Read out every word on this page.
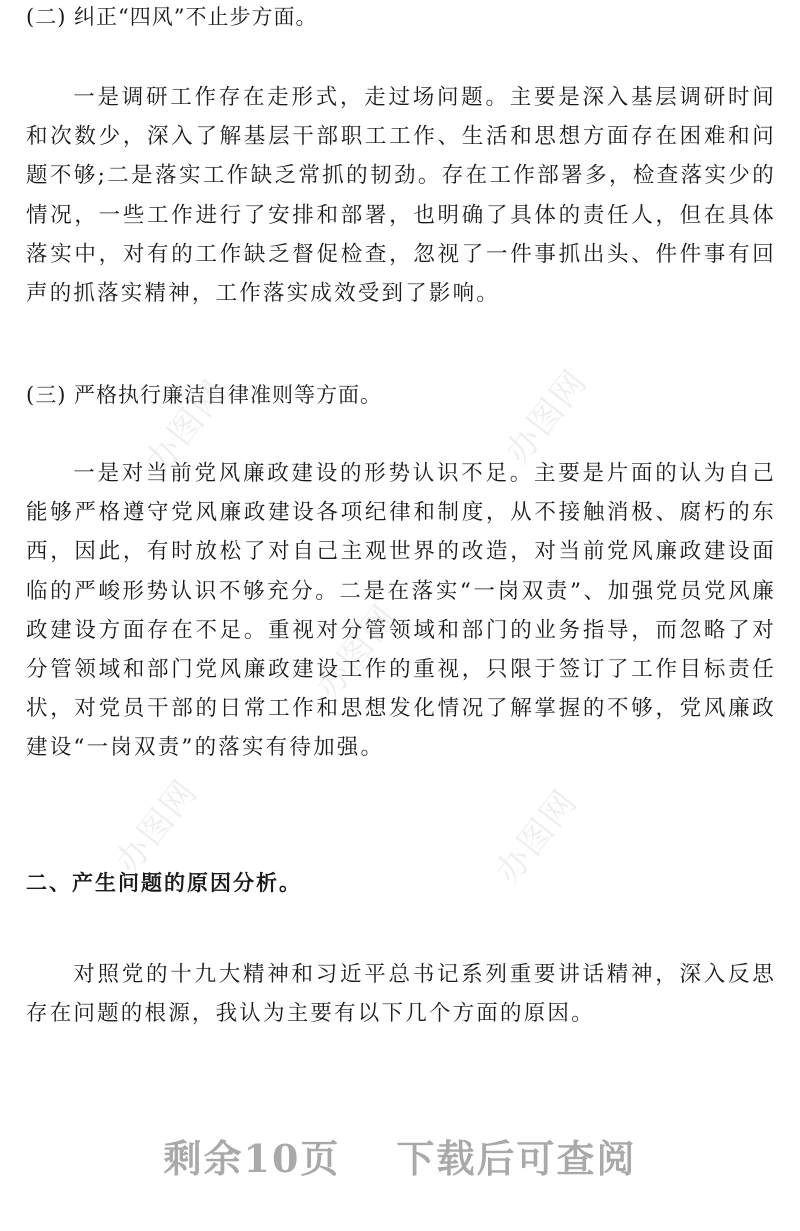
(二) 纠正“四风”不止步方面。
一是调研工作存在走形式，走过场问题。主要是深入基层调研时间和次数少，深入了解基层干部职工工作、生活和思想方面存在困难和问题不够;二是落实工作缺乏常抓的韧劲。存在工作部署多，检查落实少的情况，一些工作进行了安排和部署，也明确了具体的责任人，但在具体落实中，对有的工作缺乏督促检查，忽视了一件事抓出头、件件事有回声的抓落实精神，工作落实成效受到了影响。
(三) 严格执行廉洁自律准则等方面。
一是对当前党风廉政建设的形势认识不足。主要是片面的认为自己能够严格遵守党风廉政建设各项纪律和制度，从不接触消极、腐朽的东西，因此，有时放松了对自己主观世界的改造，对当前党风廉政建设面临的严峻形势认识不够充分。二是在落实“一岗双责”、加强党员党风廉政建设方面存在不足。重视对分管领域和部门的业务指导，而忽略了对分管领域和部门党风廉政建设工作的重视，只限于签订了工作目标责任状，对党员干部的日常工作和思想发化情况了解掌握的不够，党风廉政建设“一岗双责”的落实有待加强。
二、产生问题的原因分析。
对照党的十九大精神和习近平总书记系列重要讲话精神，深入反思存在问题的根源，我认为主要有以下几个方面的原因。
办图网	办图网
办图网
办图网	办图网
剩余10页 下载后可查阅
